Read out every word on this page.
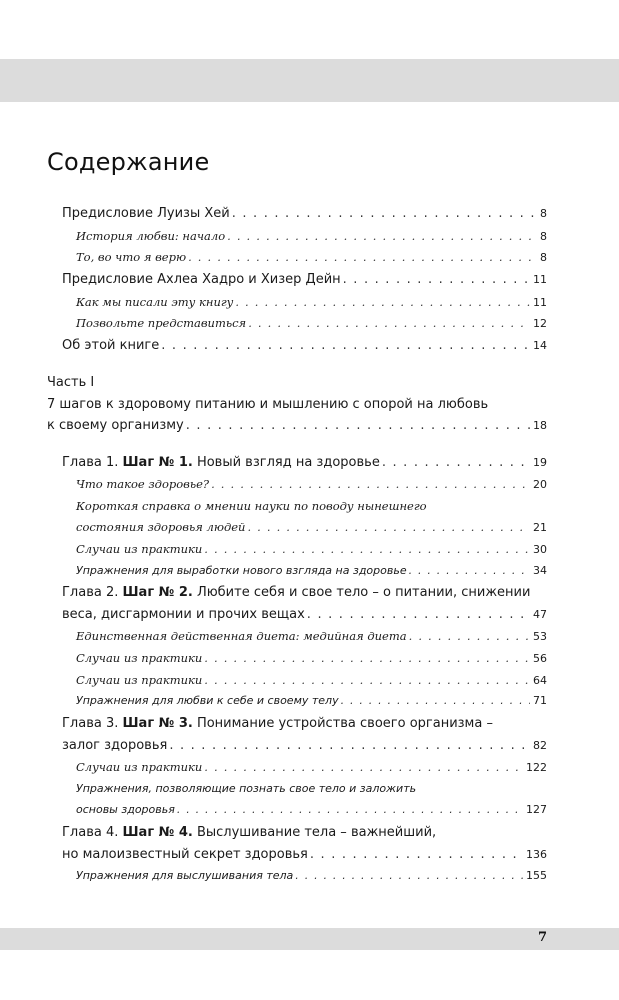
Содержание
Предисловие Луизы Хей . . .	8
История любви: начало . . .	8
То, во что я верю . . .	8
Предисловие Ахлеа Хадро и Хизер Дейн . . .	11
Как мы писали эту книгу . . .	11
Позвольте представиться . . .	12
Об этой книге . . .	14
Часть I
7 шагов к здоровому питанию и мышлению с опорой на любовь
к своему организму . . .	18
Глава 1. Шаг № 1. Новый взгляд на здоровье . . .	19
Что такое здоровье? . . .	20
Короткая справка о мнении науки по поводу нынешнего
состояния здоровья людей . . .	21
Случаи из практики . . .	30
Упражнения для выработки нового взгляда на здоровье . . .	34
Глава 2. Шаг № 2. Любите себя и свое тело – о питании, снижении
веса, дисгармонии и прочих вещах . . .	47
Единственная действенная диета: медийная диета . . .	53
Случаи из практики . . .	56
Случаи из практики . . .	64
Упражнения для любви к себе и своему телу . . .	71
Глава 3. Шаг № 3. Понимание устройства своего организма –
залог здоровья . . .	82
Случаи из практики . . .	122
Упражнения, позволяющие познать свое тело и заложить
основы здоровья . . .	127
Глава 4. Шаг № 4. Выслушивание тела – важнейший,
но малоизвестный секрет здоровья . . .	136
Упражнения для выслушивания тела . . .	155
7
